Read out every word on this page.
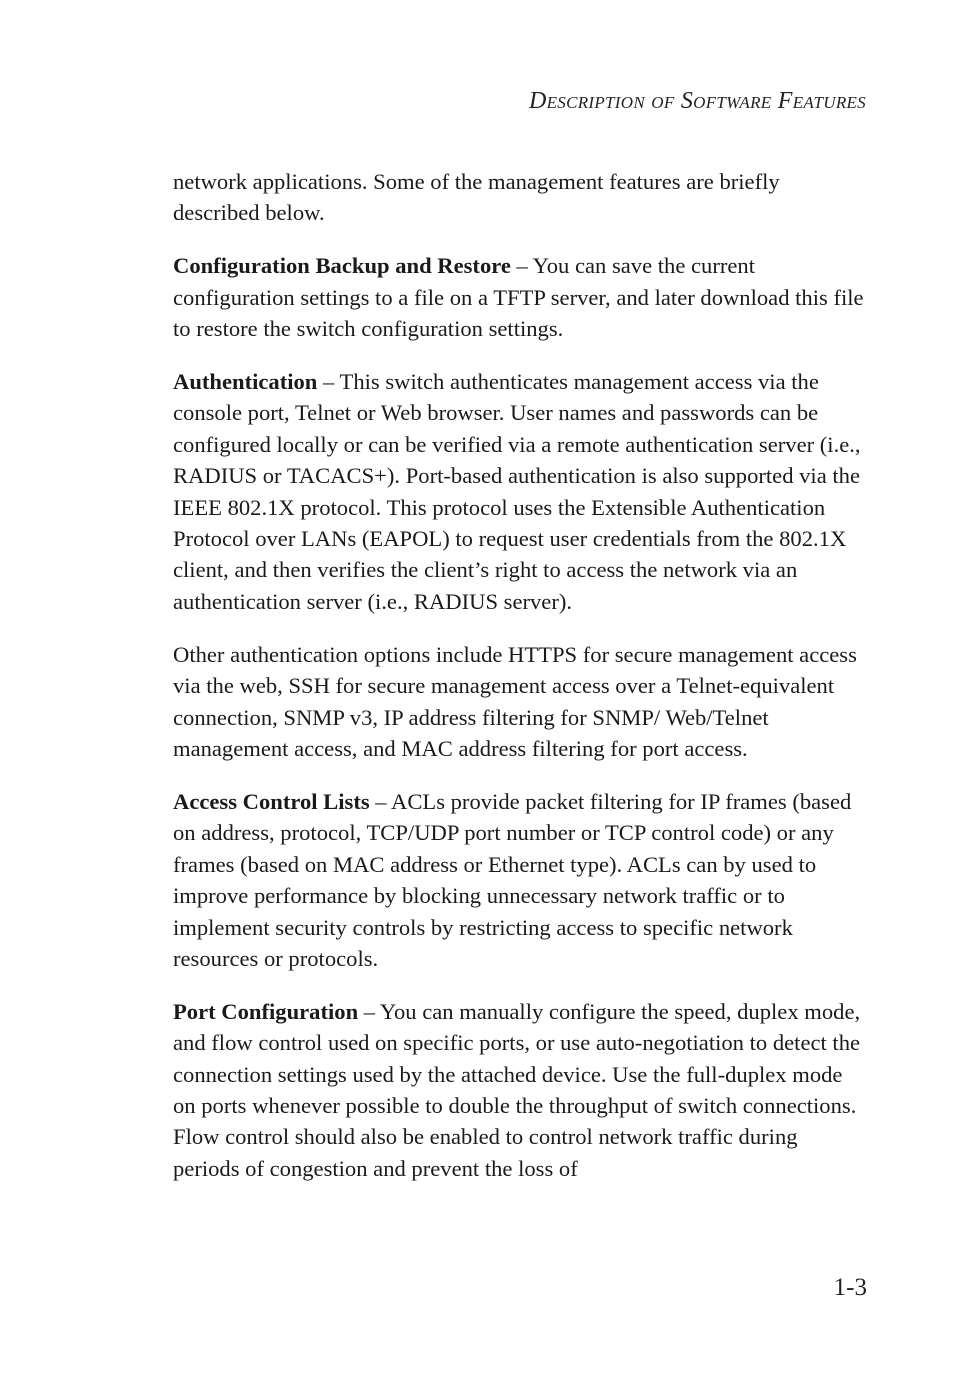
Description of Software Features

network applications. Some of the management features are briefly described below.

Configuration Backup and Restore – You can save the current configuration settings to a file on a TFTP server, and later download this file to restore the switch configuration settings.

Authentication – This switch authenticates management access via the console port, Telnet or Web browser. User names and passwords can be configured locally or can be verified via a remote authentication server (i.e., RADIUS or TACACS+). Port-based authentication is also supported via the IEEE 802.1X protocol. This protocol uses the Extensible Authentication Protocol over LANs (EAPOL) to request user credentials from the 802.1X client, and then verifies the client’s right to access the network via an authentication server (i.e., RADIUS server).

Other authentication options include HTTPS for secure management access via the web, SSH for secure management access over a Telnet-equivalent connection, SNMP v3, IP address filtering for SNMP/ Web/Telnet management access, and MAC address filtering for port access.

Access Control Lists – ACLs provide packet filtering for IP frames (based on address, protocol, TCP/UDP port number or TCP control code) or any frames (based on MAC address or Ethernet type). ACLs can by used to improve performance by blocking unnecessary network traffic or to implement security controls by restricting access to specific network resources or protocols.

Port Configuration – You can manually configure the speed, duplex mode, and flow control used on specific ports, or use auto-negotiation to detect the connection settings used by the attached device. Use the full-duplex mode on ports whenever possible to double the throughput of switch connections. Flow control should also be enabled to control network traffic during periods of congestion and prevent the loss of

1-3
